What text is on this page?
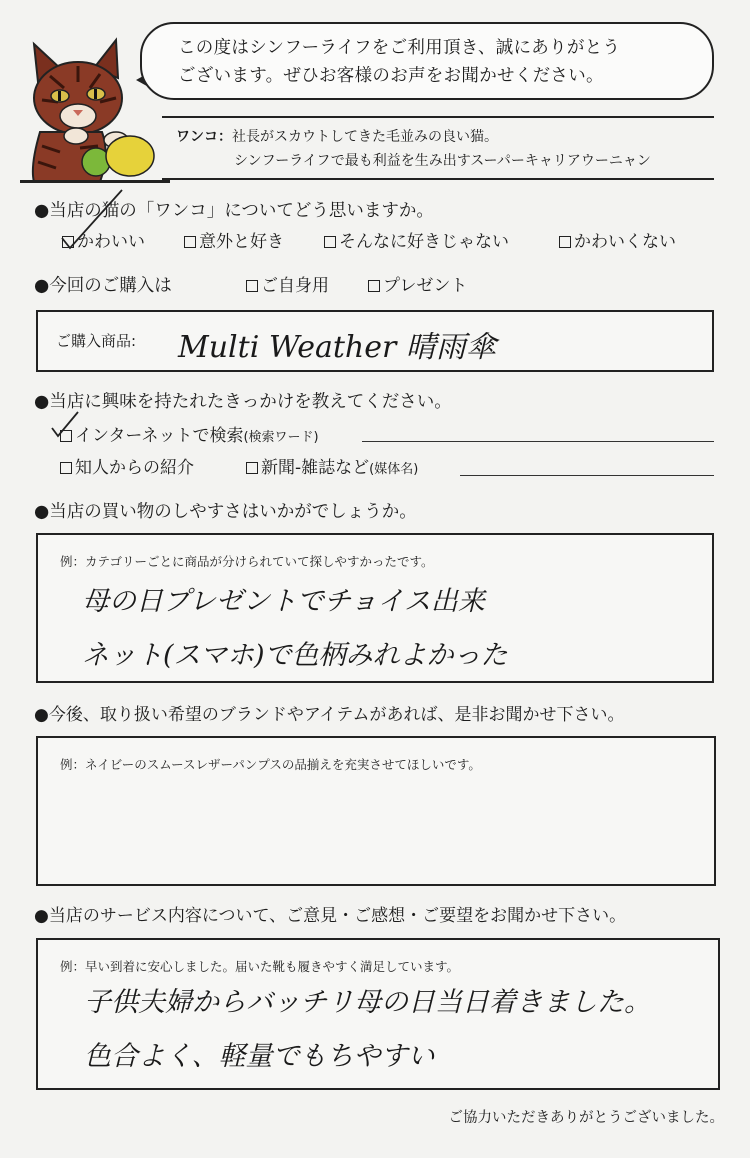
この度はシンフーライフをご利用頂き、誠にありがとう
ございます。ぜひお客様のお声をお聞かせください。
ワンコ：社長がスカウトしてきた毛並みの良い猫。
シンフーライフで最も利益を生み出すスーパーキャリアウーニャン
●当店の猫の「ワンコ」についてどう思いますか。
かわいい	意外と好き	そんなに好きじゃない	かわいくない
●今回のご購入は	ご自身用	プレゼント
ご購入商品: Multi Weather 晴雨傘
●当店に興味を持たれたきっかけを教えてください。
インターネットで検索(検索ワード)
知人からの紹介	新聞-雑誌など(媒体名)
●当店の買い物のしやすさはいかがでしょうか。
例：カテゴリーごとに商品が分けられていて探しやすかったです。
母の日プレゼントでチョイス出来
ネット(スマホ)で色柄みれよかった
●今後、取り扱い希望のブランドやアイテムがあれば、是非お聞かせ下さい。
例：ネイビーのスムースレザーパンプスの品揃えを充実させてほしいです。
●当店のサービス内容について、ご意見・ご感想・ご要望をお聞かせ下さい。
例：早い到着に安心しました。届いた靴も履きやすく満足しています。
子供夫婦からバッチリ母の日当日着きました。
色合よく、軽量でもちやすい
ご協力いただきありがとうございました。
